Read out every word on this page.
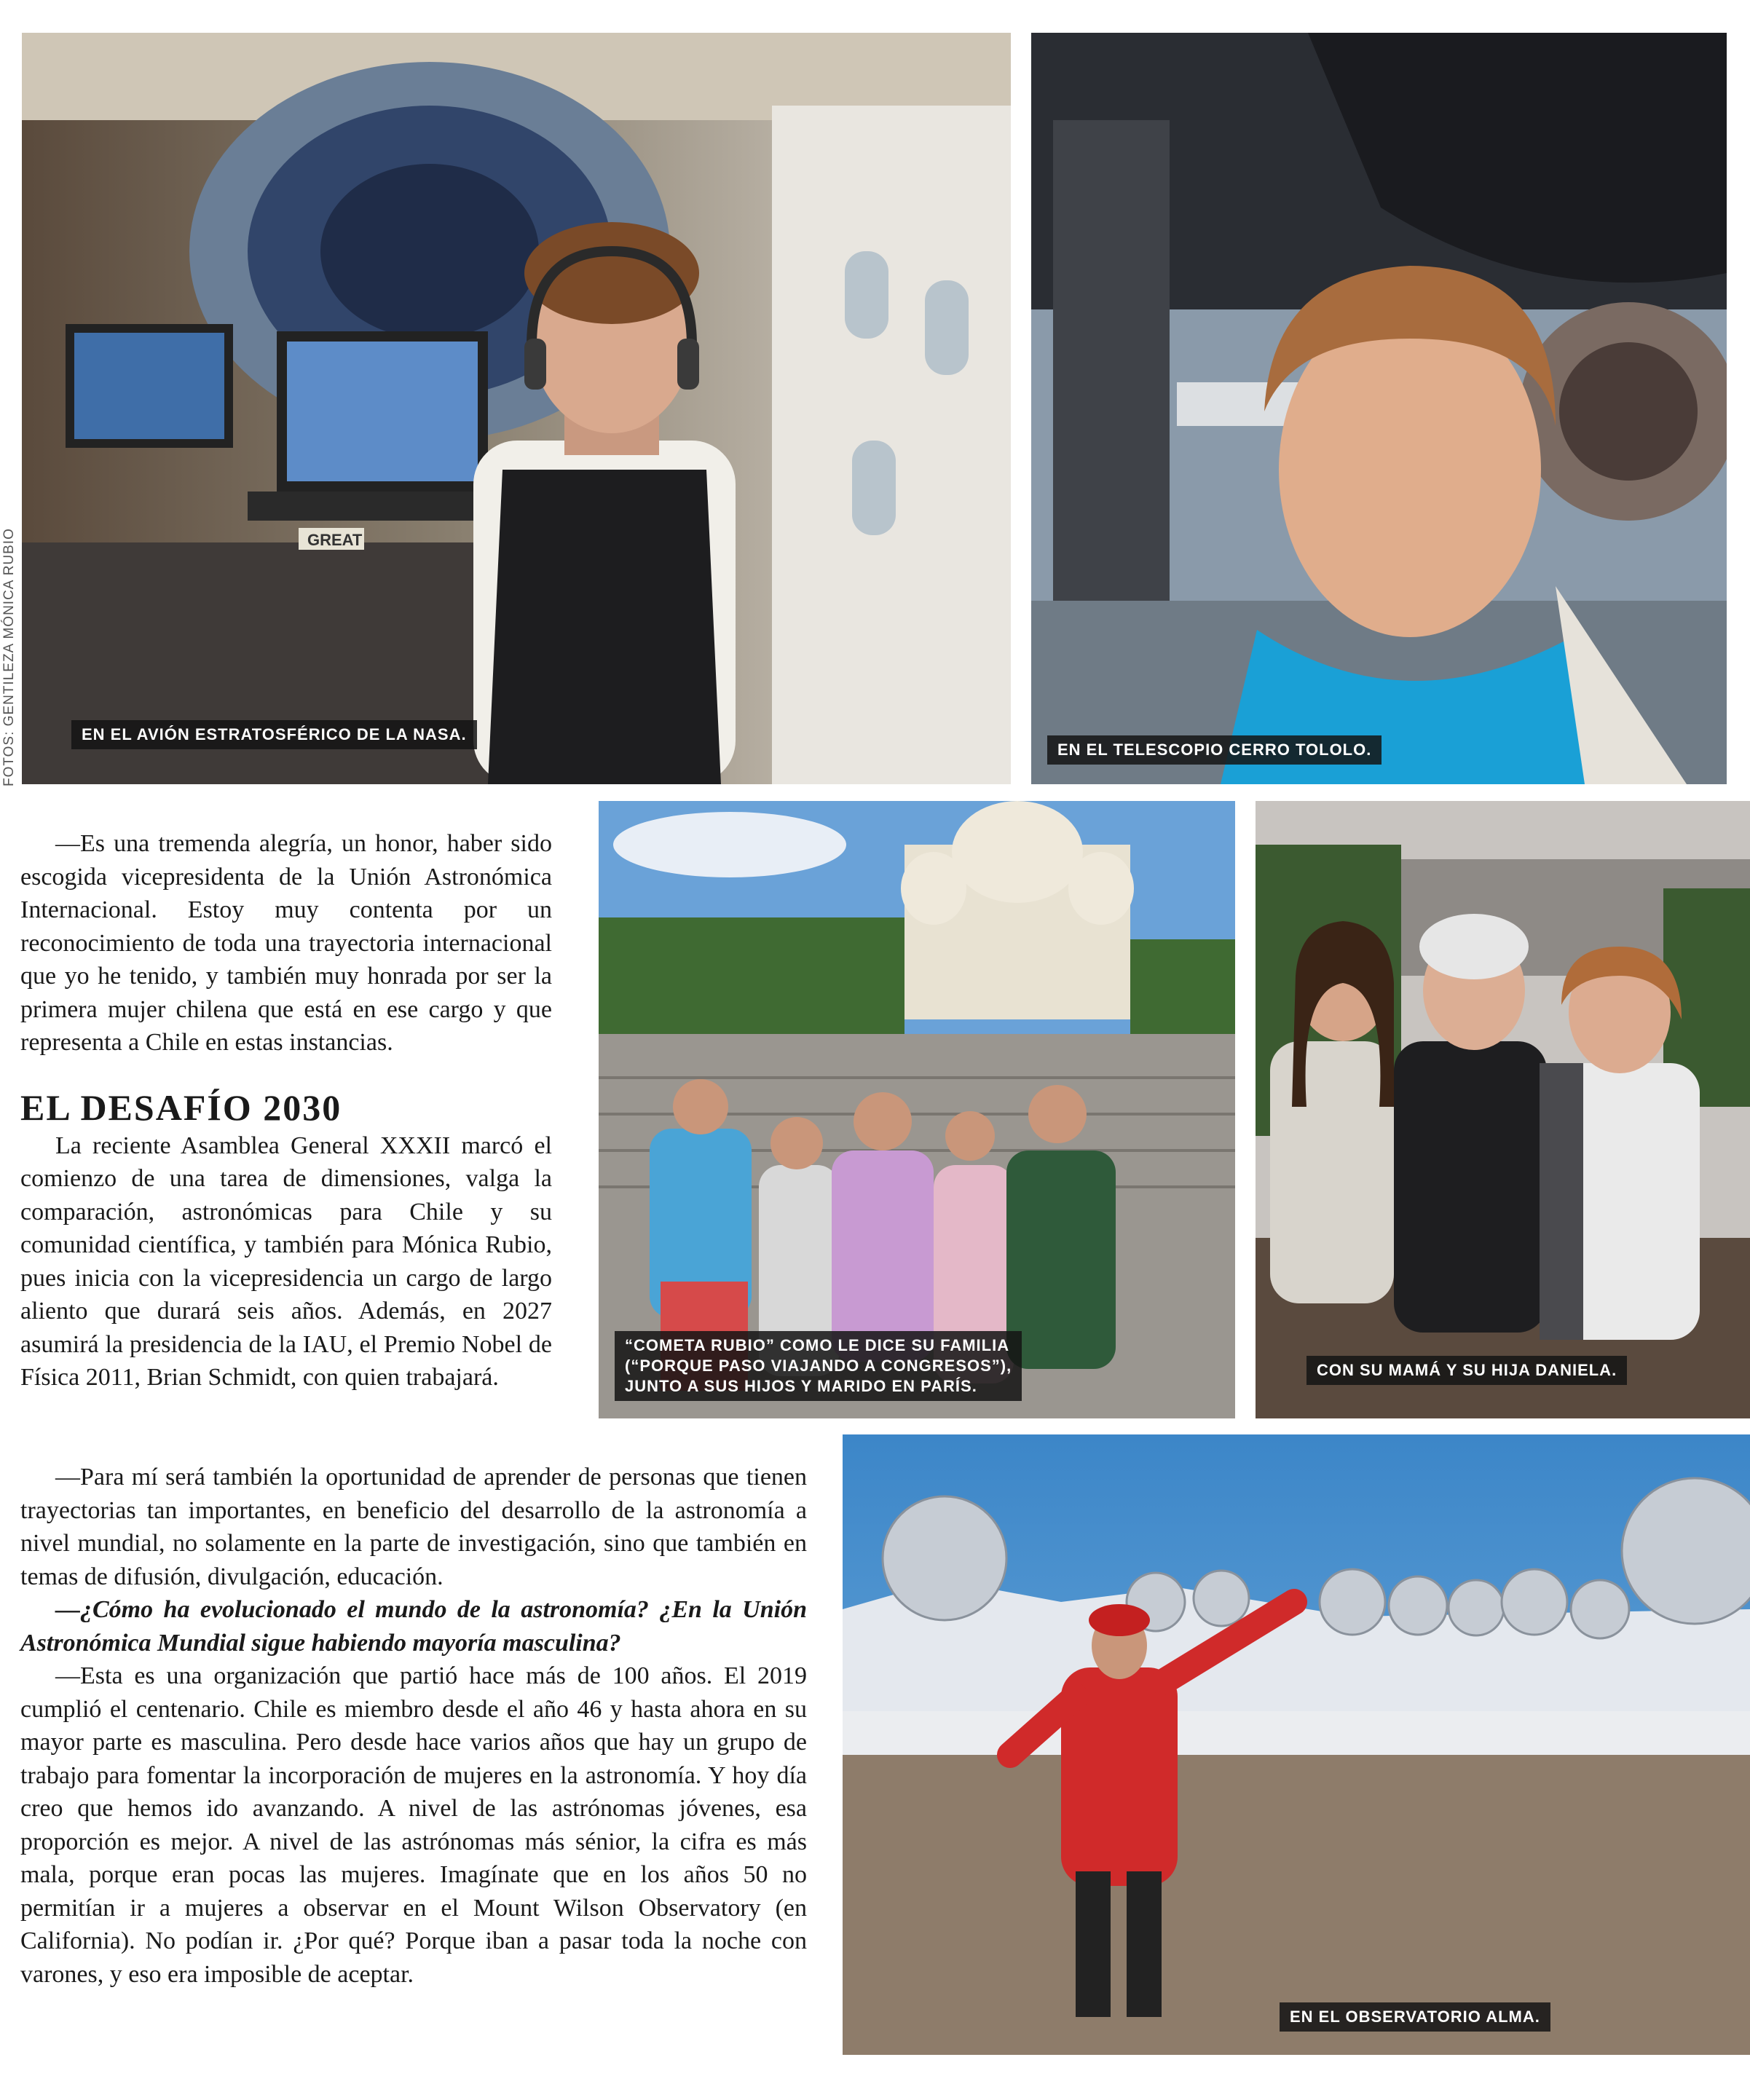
FOTOS: GENTILEZA MÓNICA RUBIO	GREAT
EN EL AVIÓN ESTRATOSFÉRICO DE LA NASA.
EN EL TELESCOPIO CERRO TOLOLO.
“COMETA RUBIO” COMO LE DICE SU FAMILIA
(“PORQUE PASO VIAJANDO A CONGRESOS”),
JUNTO A SUS HIJOS Y MARIDO EN PARÍS.
CON SU MAMÁ Y SU HIJA DANIELA.
EN EL OBSERVATORIO ALMA.

—Es una tremenda alegría, un honor, haber sido escogida vicepresidenta de la Unión Astronómica Internacional. Estoy muy contenta por un reconocimiento de toda una trayectoria internacional que yo he tenido, y también muy honrada por ser la primera mujer chilena que está en ese cargo y que representa a Chile en estas instancias.

EL DESAFÍO 2030

La reciente Asamblea General XXXII marcó el comienzo de una tarea de dimensiones, valga la comparación, astronómicas para Chile y su comunidad científica, y también para Mónica Rubio, pues inicia con la vicepresidencia un cargo de largo aliento que durará seis años. Además, en 2027 asumirá la presidencia de la IAU, el Premio Nobel de Física 2011, Brian Schmidt, con quien trabajará.

—Para mí será también la oportunidad de aprender de personas que tienen trayectorias tan importantes, en beneficio del desarrollo de la astronomía a nivel mundial, no solamente en la parte de investigación, sino que también en temas de difusión, divulgación, educación.

—¿Cómo ha evolucionado el mundo de la astronomía? ¿En la Unión Astronómica Mundial sigue habiendo mayoría masculina?

—Esta es una organización que partió hace más de 100 años. El 2019 cumplió el centenario. Chile es miembro desde el año 46 y hasta ahora en su mayor parte es masculina. Pero desde hace varios años que hay un grupo de trabajo para fomentar la incorporación de mujeres en la astronomía. Y hoy día creo que hemos ido avanzando. A nivel de las astrónomas jóvenes, esa proporción es mejor. A nivel de las astrónomas más sénior, la cifra es más mala, porque eran pocas las mujeres. Imagínate que en los años 50 no permitían ir a mujeres a observar en el Mount Wilson Observatory (en California). No podían ir. ¿Por qué? Porque iban a pasar toda la noche con varones, y eso era imposible de aceptar.
